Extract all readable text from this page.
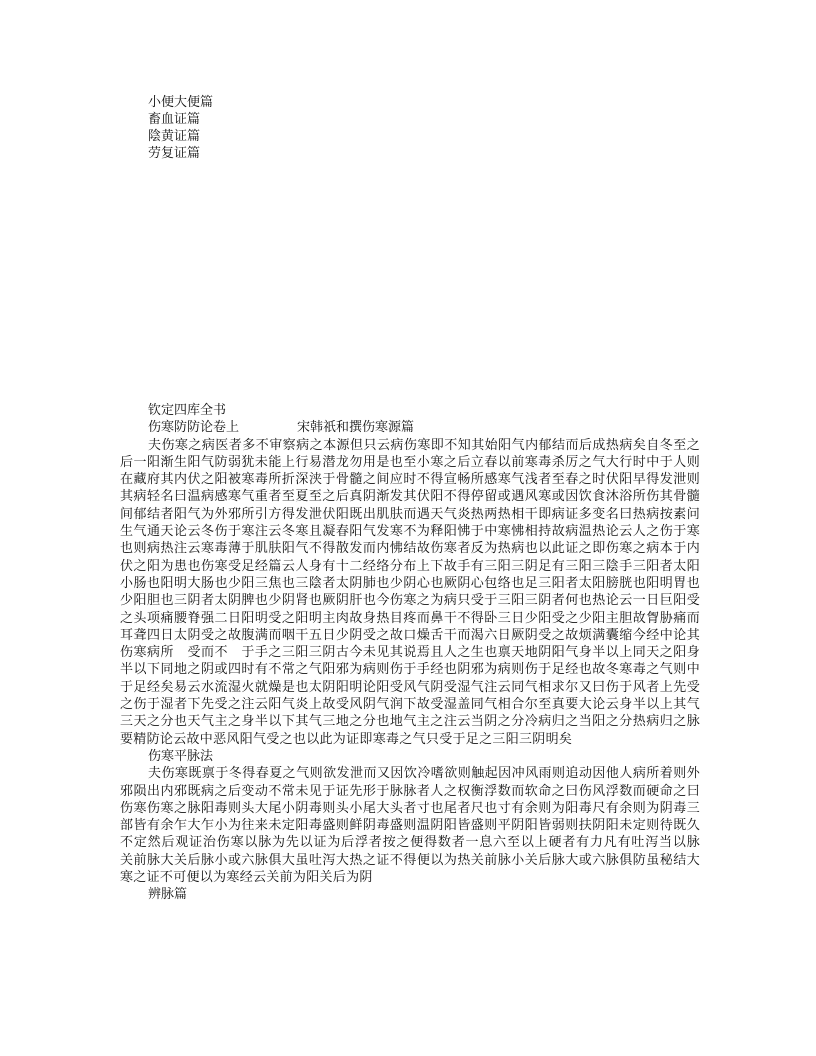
小便大便篇
畜血证篇
陰黄证篇
劳复证篇
钦定四库全书
伤寒防防论卷上	宋韩祇和撰伤寒源篇
夫伤寒之病医者多不审察病之本源但只云病伤寒即不知其始阳气内郁结而后成热病矣自冬至之后一阳渐生阳气防弱犹未能上行易潜龙勿用是也至小寒之后立春以前寒毒杀厉之气大行时中于人则　在藏府其内伏之阳被寒毒所折深浃于骨髓之间应时不得宣畅所感寒气浅者至春之时伏阳早得发泄则其病轻名曰温病感寒气重者至夏至之后真阴渐发其伏阳不得停留或遇风寒或因饮食沐浴所伤其骨髓间郁结者阳气为外邪所引方得发泄伏阳既出肌肤而遇天气炎热两热相干即病证多变名曰热病按素问生气通天论云冬伤于寒注云冬寒且凝春阳气发寒不为释阳怫于中寒怫相持故病温热论云人之伤于寒也则病热注云寒毒薄于肌肤阳气不得散发而内怫结故伤寒者反为热病也以此证之即伤寒之病本于内伏之阳为患也伤寒受足经篇云人身有十二经络分布上下故手有三阳三阴足有三阳三陰手三阳者太阳小肠也阳明大肠也少阳三焦也三陰者太阴肺也少阴心也厥阴心包络也足三阳者太阳膀胱也阳明胃也少阳胆也三阴者太阴脾也少阴肾也厥阴肝也今伤寒之为病只受于三阳三阴者何也热论云一日巨阳受之头项痛腰脊强二日阳明受之阳明主肉故身热目疼而鼻干不得卧三日少阳受之少阳主胆故胷胁痛而耳聋四日太阴受之故腹满而咽干五日少阴受之故口燥舌干而渴六日厥阴受之故烦满囊缩今经中论其伤寒病所　受而不　于手之三阳三阴古今未见其说焉且人之生也禀天地阴阳气身半以上同天之阳身半以下同地之阴或四时有不常之气阳邪为病则伤于手经也阴邪为病则伤于足经也故冬寒毒之气则中于足经矣易云水流湿火就燥是也太阴阳明论阳受风气阴受湿气注云同气相求尔又曰伤于风者上先受之伤于湿者下先受之注云阳气炎上故受风阴气润下故受湿盖同气相合尔至真要大论云身半以上其气三天之分也天气主之身半以下其气三地之分也地气主之注云当阴之分冷病归之当阳之分热病归之脉要精防论云故中恶风阳气受之也以此为证即寒毒之气只受于足之三阳三阴明矣
伤寒平脉法
夫伤寒既禀于冬得春夏之气则欲发泄而又因饮冷嗜欲则触起因冲风雨则追动因他人病所着则外邪陨出内邪既病之后变动不常未见于证先形于脉脉者人之权衡浮数而软命之曰伤风浮数而硬命之曰伤寒伤寒之脉阳毒则头大尾小阴毒则头小尾大头者寸也尾者尺也寸有余则为阳毒尺有余则为阴毒三部皆有余乍大乍小为往来未定阳毒盛则鲜阴毒盛则温阴阳皆盛则平阴阳皆弱则扶阴阳未定则待既久不定然后观证治伤寒以脉为先以证为后浮者按之便得数者一息六至以上硬者有力凡有吐泻当以脉　关前脉大关后脉小或六脉俱大虽吐泻大热之证不得便以为热关前脉小关后脉大或六脉俱防虽秘结大寒之证不可便以为寒经云关前为阳关后为阴
辨脉篇
